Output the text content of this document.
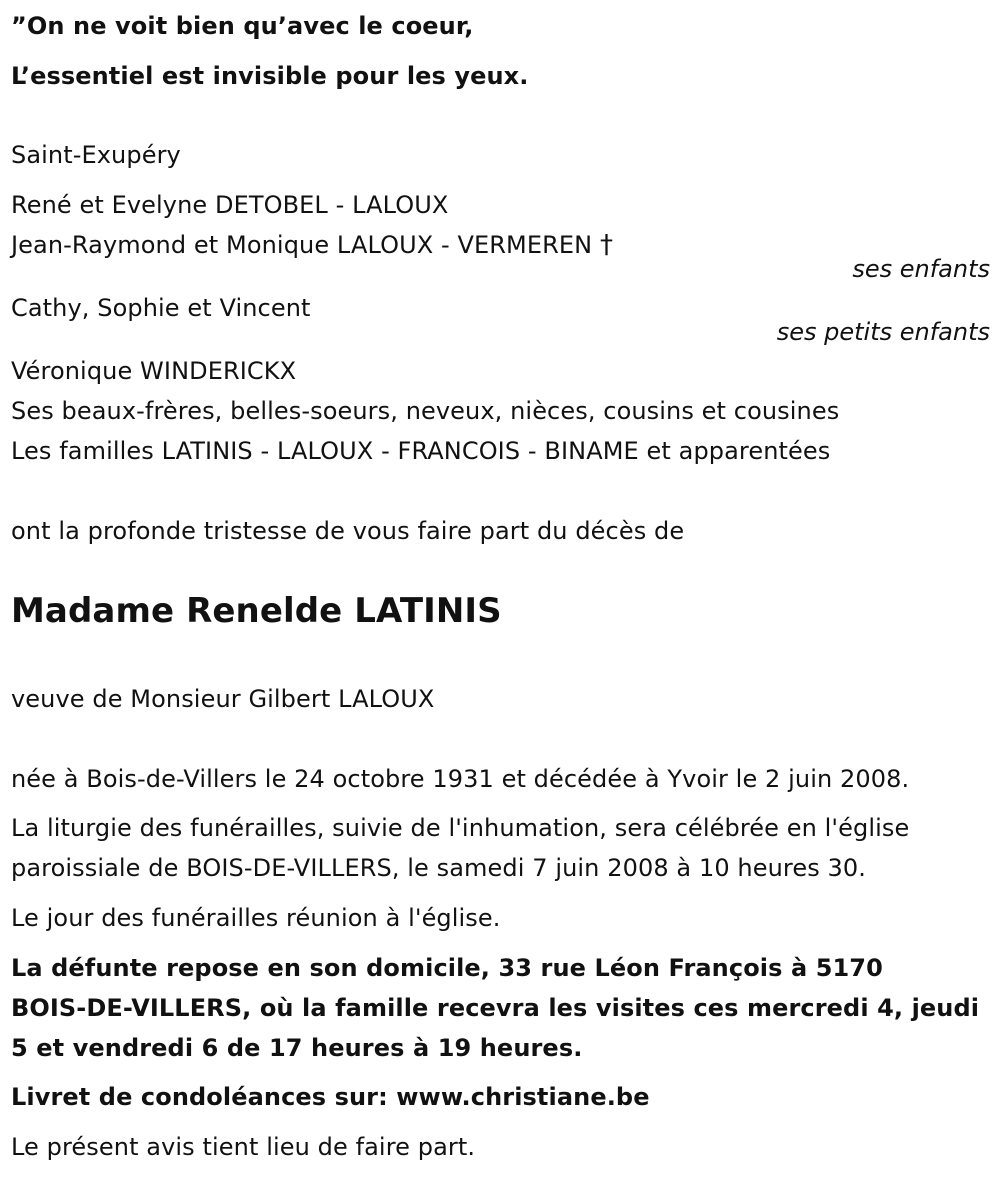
”On ne voit bien qu’avec le coeur,
L’essentiel est invisible pour les yeux.
Saint-Exupéry
René et Evelyne DETOBEL - LALOUX
Jean-Raymond et Monique LALOUX - VERMEREN †
ses enfants
Cathy, Sophie et Vincent
ses petits enfants
Véronique WINDERICKX
Ses beaux-frères, belles-soeurs, neveux, nièces, cousins et cousines
Les familles LATINIS - LALOUX - FRANCOIS - BINAME et apparentées
ont la profonde tristesse de vous faire part du décès de
Madame Renelde LATINIS
veuve de Monsieur Gilbert LALOUX
née à Bois-de-Villers le 24 octobre 1931 et décédée à Yvoir le 2 juin 2008.
La liturgie des funérailles, suivie de l'inhumation, sera célébrée en l'église
paroissiale de BOIS-DE-VILLERS, le samedi 7 juin 2008 à 10 heures 30.
Le jour des funérailles réunion à l'église.
La défunte repose en son domicile, 33 rue Léon François à 5170
BOIS-DE-VILLERS, où la famille recevra les visites ces mercredi 4, jeudi
5 et vendredi 6 de 17 heures à 19 heures.
Livret de condoléances sur: www.christiane.be
Le présent avis tient lieu de faire part.
